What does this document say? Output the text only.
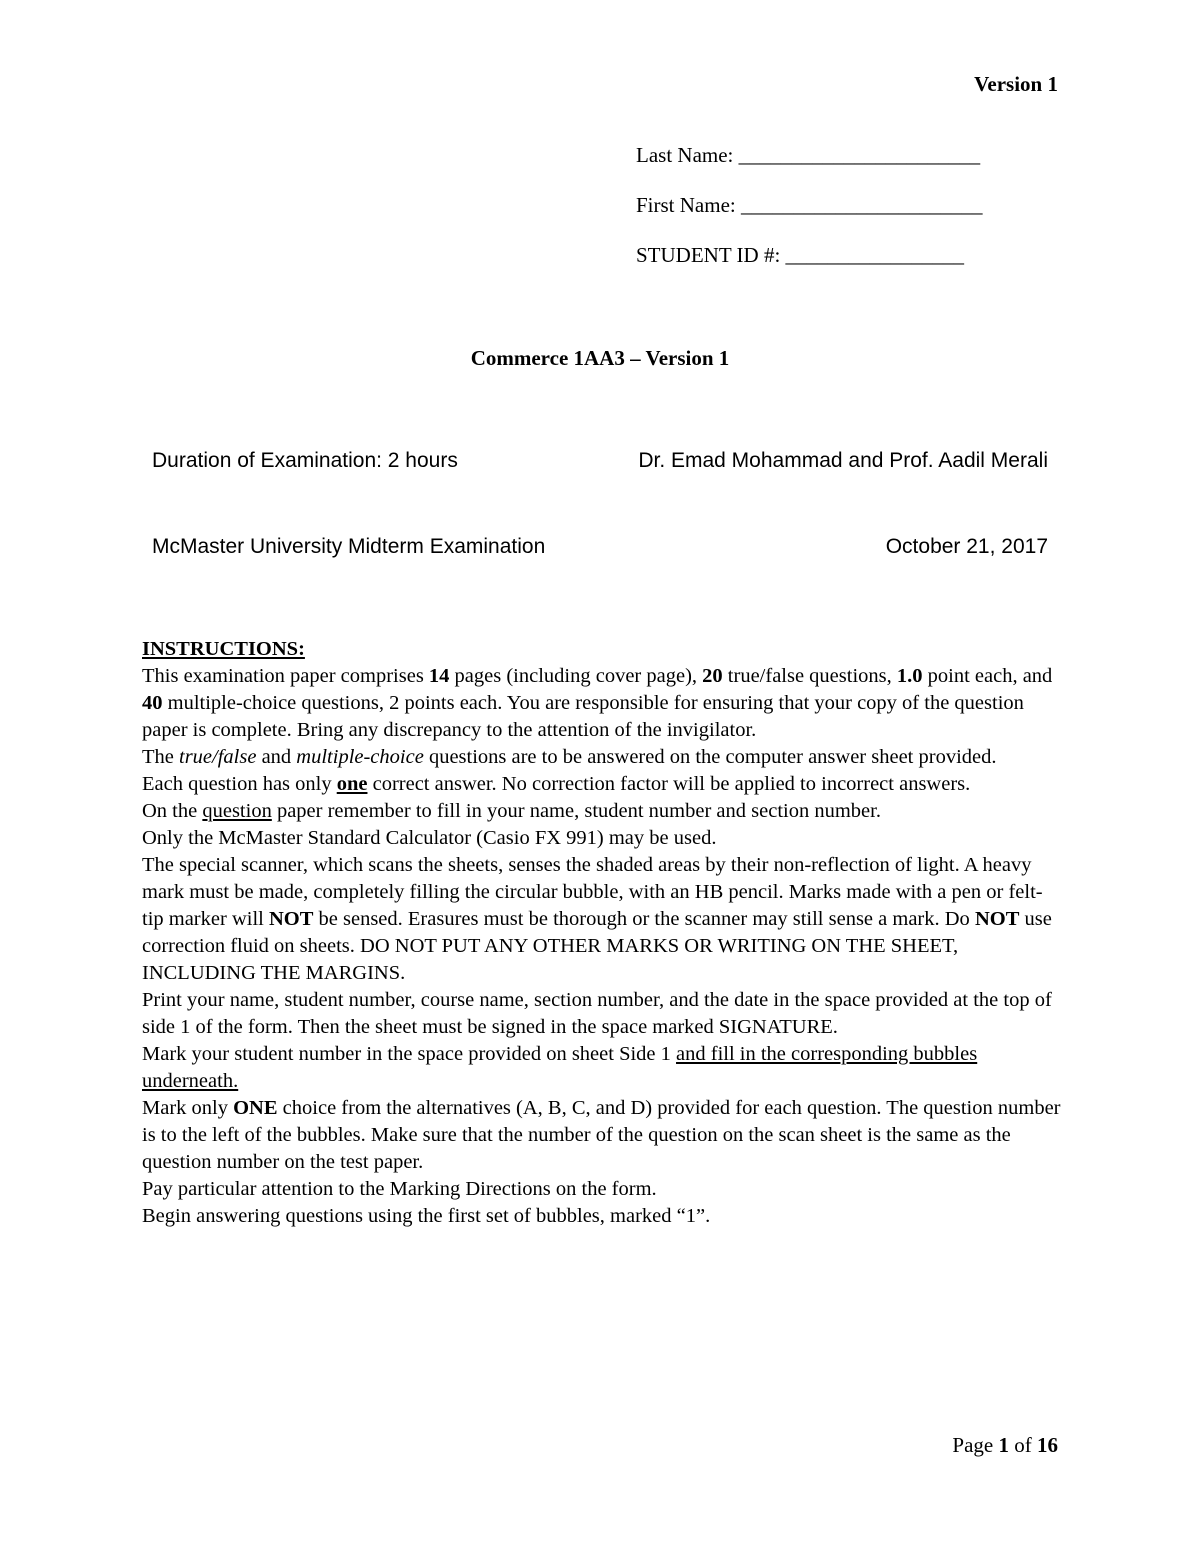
Version 1
Last Name: _______________________
First Name: _______________________
STUDENT ID #: _________________
Commerce 1AA3 – Version 1
Duration of Examination: 2 hours	Dr. Emad Mohammad and Prof. Aadil Merali
McMaster University Midterm Examination	October 21, 2017

INSTRUCTIONS:

This examination paper comprises 14 pages (including cover page), 20 true/false questions, 1.0 point each, and 40 multiple-choice questions, 2 points each. You are responsible for ensuring that your copy of the question paper is complete. Bring any discrepancy to the attention of the invigilator.

The true/false and multiple-choice questions are to be answered on the computer answer sheet provided.

Each question has only one correct answer. No correction factor will be applied to incorrect answers.

On the question paper remember to fill in your name, student number and section number.

Only the McMaster Standard Calculator (Casio FX 991) may be used.

The special scanner, which scans the sheets, senses the shaded areas by their non-reflection of light. A heavy mark must be made, completely filling the circular bubble, with an HB pencil. Marks made with a pen or felt-tip marker will NOT be sensed. Erasures must be thorough or the scanner may still sense a mark. Do NOT use correction fluid on sheets. DO NOT PUT ANY OTHER MARKS OR WRITING ON THE SHEET, INCLUDING THE MARGINS.

Print your name, student number, course name, section number, and the date in the space provided at the top of side 1 of the form. Then the sheet must be signed in the space marked SIGNATURE.

Mark your student number in the space provided on sheet Side 1 and fill in the corresponding bubbles underneath.

Mark only ONE choice from the alternatives (A, B, C, and D) provided for each question. The question number is to the left of the bubbles. Make sure that the number of the question on the scan sheet is the same as the question number on the test paper.

Pay particular attention to the Marking Directions on the form.

Begin answering questions using the first set of bubbles, marked “1”.

Page 1 of 16
